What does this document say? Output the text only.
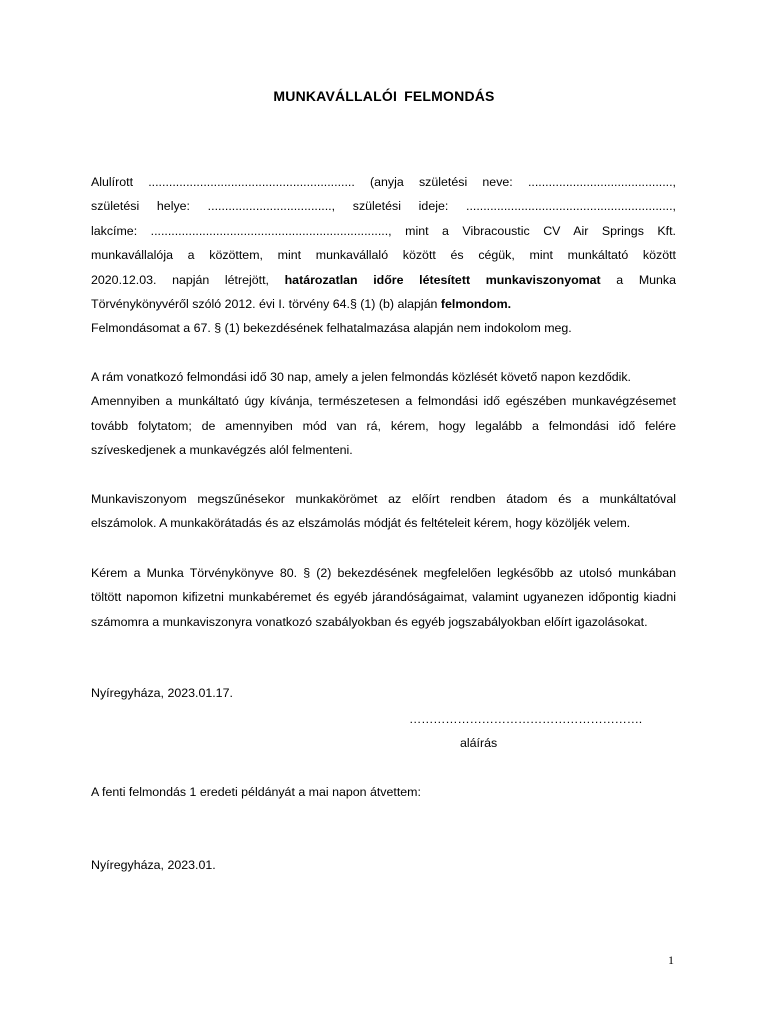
MUNKAVÁLLALÓI FELMONDÁS
Alulírott ............................................................ (anyja születési neve: ..........................................,
születési helye: ...................................., születési ideje: ............................................................,
lakcíme: ....................................................................., mint a Vibracoustic CV Air Springs Kft.
munkavállalója a közöttem, mint munkavállaló között és cégük, mint munkáltató között
2020.12.03. napján létrejött, határozatlan időre létesített munkaviszonyomat a Munka
Törvénykönyvéről szóló 2012. évi I. törvény 64.§ (1) (b) alapján felmondom.
Felmondásomat a 67. § (1) bekezdésének felhatalmazása alapján nem indokolom meg.
A rám vonatkozó felmondási idő 30 nap, amely a jelen felmondás közlését követő napon kezdődik.
Amennyiben a munkáltató úgy kívánja, természetesen a felmondási idő egészében munkavégzésemet tovább folytatom; de amennyiben mód van rá, kérem, hogy legalább a felmondási idő felére szíveskedjenek a munkavégzés alól felmenteni.
Munkaviszonyom megszűnésekor munkakörömet az előírt rendben átadom és a munkáltatóval elszámolok. A munkakörátadás és az elszámolás módját és feltételeit kérem, hogy közöljék velem.
Kérem a Munka Törvénykönyve 80. § (2) bekezdésének megfelelően legkésőbb az utolsó munkában töltött napomon kifizetni munkabéremet és egyéb járandóságaimat, valamint ugyanezen időpontig kiadni számomra a munkaviszonyra vonatkozó szabályokban és egyéb jogszabályokban előírt igazolásokat.
Nyíregyháza, 2023.01.17.
………………………………………………….
aláírás
A fenti felmondás 1 eredeti példányát a mai napon átvettem:
Nyíregyháza, 2023.01.
1
